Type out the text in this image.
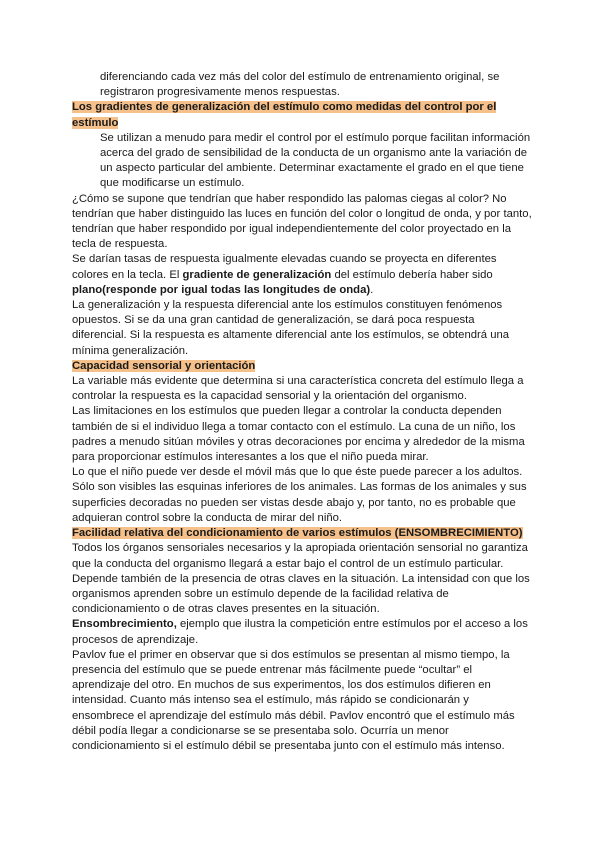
diferenciando cada vez más del color del estímulo de entrenamiento original, se registraron progresivamente menos respuestas.

Los gradientes de generalización del estímulo como medidas del control por el estímulo

Se utilizan a menudo para medir el control por el estímulo porque facilitan información acerca del grado de sensibilidad de la conducta de un organismo ante la variación de un aspecto particular del ambiente. Determinar exactamente el grado en el que tiene que modificarse un estímulo.

¿Cómo se supone que tendrían que haber respondido las palomas ciegas al color? No tendrían que haber distinguido las luces en función del color o longitud de onda, y por tanto, tendrían que haber respondido por igual independientemente del color proyectado en la tecla de respuesta.

Se darían tasas de respuesta igualmente elevadas cuando se proyecta en diferentes colores en la tecla. El gradiente de generalización del estímulo debería haber sido plano(responde por igual todas las longitudes de onda).

La generalización y la respuesta diferencial ante los estímulos constituyen fenómenos opuestos. Si se da una gran cantidad de generalización, se dará poca respuesta diferencial. Si la respuesta es altamente diferencial ante los estímulos, se obtendrá una mínima generalización.

Capacidad sensorial y orientación

La variable más evidente que determina si una característica concreta del estímulo llega a controlar la respuesta es la capacidad sensorial y la orientación del organismo.

Las limitaciones en los estímulos que pueden llegar a controlar la conducta dependen también de si el individuo llega a tomar contacto con el estímulo. La cuna de un niño, los padres a menudo sitúan móviles y otras decoraciones por encima y alrededor de la misma para proporcionar estímulos interesantes a los que el niño pueda mirar.

Lo que el niño puede ver desde el móvil más que lo que éste puede parecer a los adultos. Sólo son visibles las esquinas inferiores de los animales. Las formas de los animales y sus superficies decoradas no pueden ser vistas desde abajo y, por tanto, no es probable que adquieran control sobre la conducta de mirar del niño.

Facilidad relativa del condicionamiento de varios estímulos (ENSOMBRECIMIENTO)

Todos los órganos sensoriales necesarios y la apropiada orientación sensorial no garantiza que la conducta del organismo llegará a estar bajo el control de un estímulo particular.

Depende también de la presencia de otras claves en la situación. La intensidad con que los organismos aprenden sobre un estímulo depende de la facilidad relativa de condicionamiento o de otras claves presentes en la situación.

Ensombrecimiento, ejemplo que ilustra la competición entre estímulos por el acceso a los procesos de aprendizaje.

Pavlov fue el primer en observar que si dos estímulos se presentan al mismo tiempo, la presencia del estímulo que se puede entrenar más fácilmente puede “ocultar” el aprendizaje del otro. En muchos de sus experimentos, los dos estímulos difieren en intensidad. Cuanto más intenso sea el estímulo, más rápido se condicionarán y ensombrece el aprendizaje del estímulo más débil. Pavlov encontró que el estímulo más débil podía llegar a condicionarse se se presentaba solo. Ocurría un menor condicionamiento si el estímulo débil se presentaba junto con el estímulo más intenso.
